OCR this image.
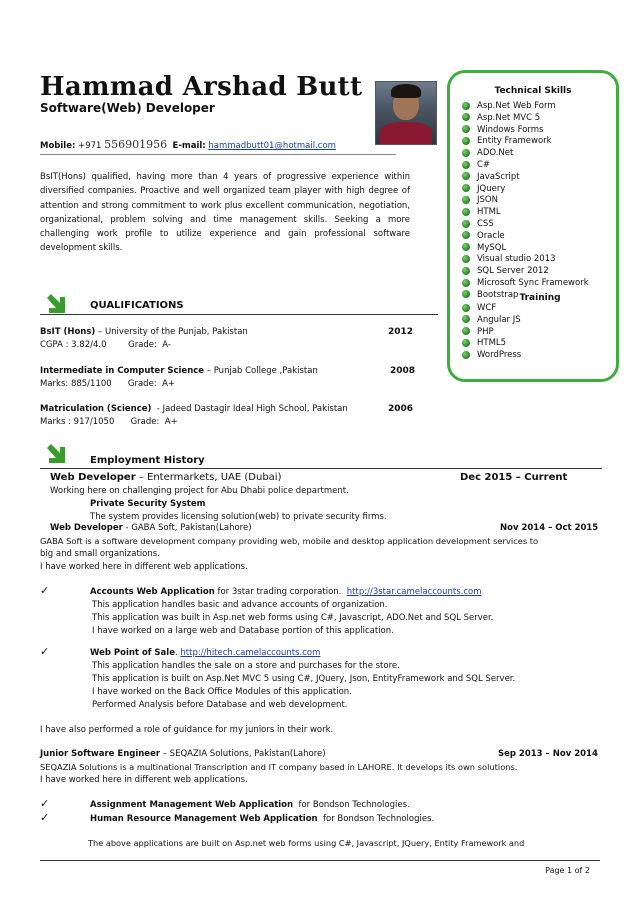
Hammad Arshad Butt
Software(Web) Developer
Mobile: +971 556901956 E-mail: hammadbutt01@hotmail.com
BsIT(Hons) qualified, having more than 4 years of progressive experience within diversified companies. Proactive and well organized team player with high degree of attention and strong commitment to work plus excellent communication, negotiation, organizational, problem solving and time management skills. Seeking a more challenging work profile to utilize experience and gain professional software development skills.
Technical Skills
Asp.Net Web Form
Asp.Net MVC 5
Windows Forms
Entity Framework
ADO.Net
C#
JavaScript
JQuery
JSON
HTML
CSS
Oracle
MySQL
Visual studio 2013
SQL Server 2012
Microsoft Sync Framework
Bootstrap Training
WCF
Angular JS
PHP
HTML5
WordPress
QUALIFICATIONS
BsIT (Hons) – University of the Punjab, Pakistan	2012
CGPA : 3.82/4.0        Grade:  A-
Intermediate in Computer Science – Punjab College ,Pakistan	2008
Marks: 885/1100      Grade:  A+
Matriculation (Science)  - Jadeed Dastagir Ideal High School, Pakistan	2006
Marks : 917/1050      Grade:  A+
Employment History
Web Developer – Entermarkets, UAE (Dubai)	Dec 2015 – Current
Working here on challenging project for Abu Dhabi police department.
Private Security System
The system provides licensing solution(web) to private security firms.
Web Developer - GABA Soft, Pakistan(Lahore)	Nov 2014 – Oct 2015
GABA Soft is a software development company providing web, mobile and desktop application development services to
big and small organizations.
I have worked here in different web applications.
✓	Accounts Web Application for 3star trading corporation.  http://3star.camelaccounts.com
This application handles basic and advance accounts of organization.
This application was built in Asp.net web forms using C#, Javascript, ADO.Net and SQL Server.
I have worked on a large web and Database portion of this application.
✓	Web Point of Sale. http://hitech.camelaccounts.com
This application handles the sale on a store and purchases for the store.
This application is built on Asp.Net MVC 5 using C#, JQuery, Json, EntityFramework and SQL Server.
I have worked on the Back Office Modules of this application.
Performed Analysis before Database and web development.
I have also performed a role of guidance for my juniors in their work.
Junior Software Engineer – SEQAZIA Solutions, Pakistan(Lahore)	Sep 2013 – Nov 2014
SEQAZIA Solutions is a multinational Transcription and IT company based in LAHORE. It develops its own solutions.
I have worked here in different web applications.
✓	Assignment Management Web Application  for Bondson Technologies.
✓	Human Resource Management Web Application  for Bondson Technologies.
The above applications are built on Asp.net web forms using C#, Javascript, JQuery, Entity Framework and
Page 1 of 2
